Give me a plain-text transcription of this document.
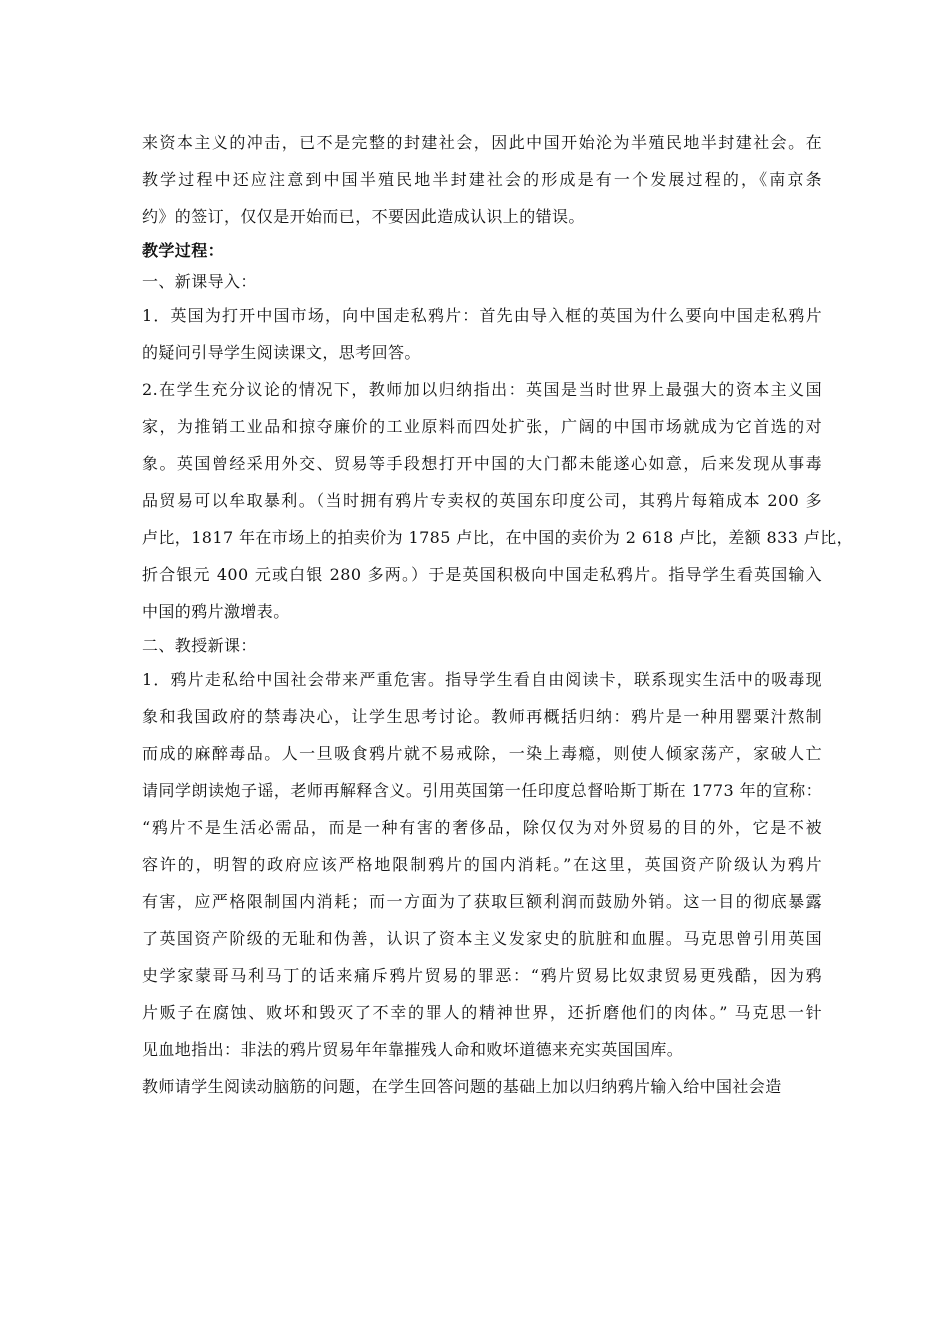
来资本主义的冲击，已不是完整的封建社会，因此中国开始沦为半殖民地半封建社会。在
教学过程中还应注意到中国半殖民地半封建社会的形成是有一个发展过程的，《南京条
约》的签订，仅仅是开始而已，不要因此造成认识上的错误。
教学过程：
一、新课导入：
1．英国为打开中国市场，向中国走私鸦片：首先由导入框的英国为什么要向中国走私鸦片
的疑问引导学生阅读课文，思考回答。
2.在学生充分议论的情况下，教师加以归纳指出：英国是当时世界上最强大的资本主义国
家，为推销工业品和掠夺廉价的工业原料而四处扩张，广阔的中国市场就成为它首选的对
象。英国曾经采用外交、贸易等手段想打开中国的大门都未能遂心如意，后来发现从事毒
品贸易可以牟取暴利。（当时拥有鸦片专卖权的英国东印度公司，其鸦片每箱成本 200 多
卢比，1817 年在市场上的拍卖价为 1785 卢比，在中国的卖价为 2 618 卢比，差额 833 卢比，
折合银元 400 元或白银 280 多两。）于是英国积极向中国走私鸦片。指导学生看英国输入
中国的鸦片激增表。
二、教授新课：
1．鸦片走私给中国社会带来严重危害。指导学生看自由阅读卡，联系现实生活中的吸毒现
象和我国政府的禁毒决心，让学生思考讨论。教师再概括归纳：鸦片是一种用罂粟汁熬制
而成的麻醉毒品。人一旦吸食鸦片就不易戒除，一染上毒瘾，则使人倾家荡产，家破人亡
请同学朗读炮子谣，老师再解释含义。引用英国第一任印度总督哈斯丁斯在 1773 年的宣称：
“鸦片不是生活必需品，而是一种有害的奢侈品，除仅仅为对外贸易的目的外，它是不被
容许的，明智的政府应该严格地限制鸦片的国内消耗。”在这里，英国资产阶级认为鸦片
有害，应严格限制国内消耗；而一方面为了获取巨额利润而鼓励外销。这一目的彻底暴露
了英国资产阶级的无耻和伪善，认识了资本主义发家史的肮脏和血腥。马克思曾引用英国
史学家蒙哥马利马丁的话来痛斥鸦片贸易的罪恶：“鸦片贸易比奴隶贸易更残酷，因为鸦
片贩子在腐蚀、败坏和毁灭了不幸的罪人的精神世界，还折磨他们的肉体。” 马克思一针
见血地指出：非法的鸦片贸易年年靠摧残人命和败坏道德来充实英国国库。
教师请学生阅读动脑筋的问题，在学生回答问题的基础上加以归纳鸦片输入给中国社会造
